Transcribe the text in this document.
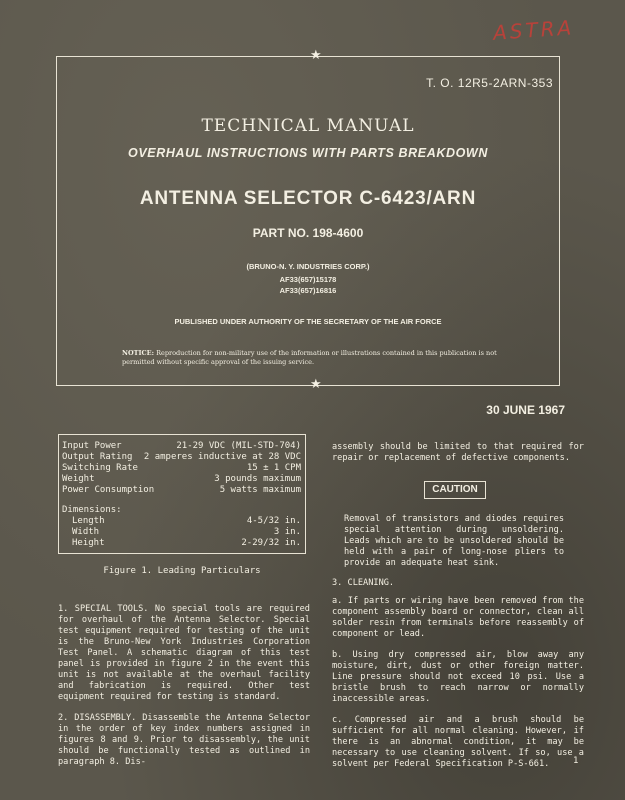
ASTRA
★
★
T. O. 12R5-2ARN-353
TECHNICAL MANUAL
OVERHAUL INSTRUCTIONS WITH PARTS BREAKDOWN
ANTENNA SELECTOR C-6423/ARN
PART NO. 198-4600
(BRUNO-N. Y. INDUSTRIES CORP.)
AF33(657)15178
AF33(657)16816
PUBLISHED UNDER AUTHORITY OF THE SECRETARY OF THE AIR FORCE
NOTICE: Reproduction for non-military use of the information or illustrations contained in this publication is not permitted without specific approval of the issuing service.
30 JUNE 1967
Input Power	21-29 VDC (MIL-STD-704)
Output Rating 2 amperes inductive at 28 VDC
Switching Rate	15 ± 1 CPM
Weight	3 pounds maximum
Power Consumption	5 watts maximum
Dimensions:
Length	4-5/32 in.
Width	3 in.
Height	2-29/32 in.
Figure 1. Leading Particulars

1. SPECIAL TOOLS. No special tools are required for overhaul of the Antenna Selector. Special test equipment required for testing of the unit is the Bruno-New York Industries Corporation Test Panel. A schematic diagram of this test panel is provided in figure 2 in the event this unit is not available at the overhaul facility and fabrication is required. Other test equipment required for testing is standard.

2. DISASSEMBLY. Disassemble the Antenna Selector in the order of key index numbers assigned in figures 8 and 9. Prior to disassembly, the unit should be functionally tested as outlined in paragraph 8. Dis-

assembly should be limited to that required for repair or replacement of defective components.

CAUTION
Removal of transistors and diodes requires special attention during unsoldering. Leads which are to be unsoldered should be held with a pair of long-nose pliers to provide an adequate heat sink.
3. CLEANING.

a. If parts or wiring have been removed from the component assembly board or connector, clean all solder resin from terminals before reassembly of component or lead.

b. Using dry compressed air, blow away any moisture, dirt, dust or other foreign matter. Line pressure should not exceed 10 psi. Use a bristle brush to reach narrow or normally inaccessible areas.

c. Compressed air and a brush should be sufficient for all normal cleaning. However, if there is an abnormal condition, it may be necessary to use cleaning solvent. If so, use a solvent per Federal Specification P-S-661.	1
